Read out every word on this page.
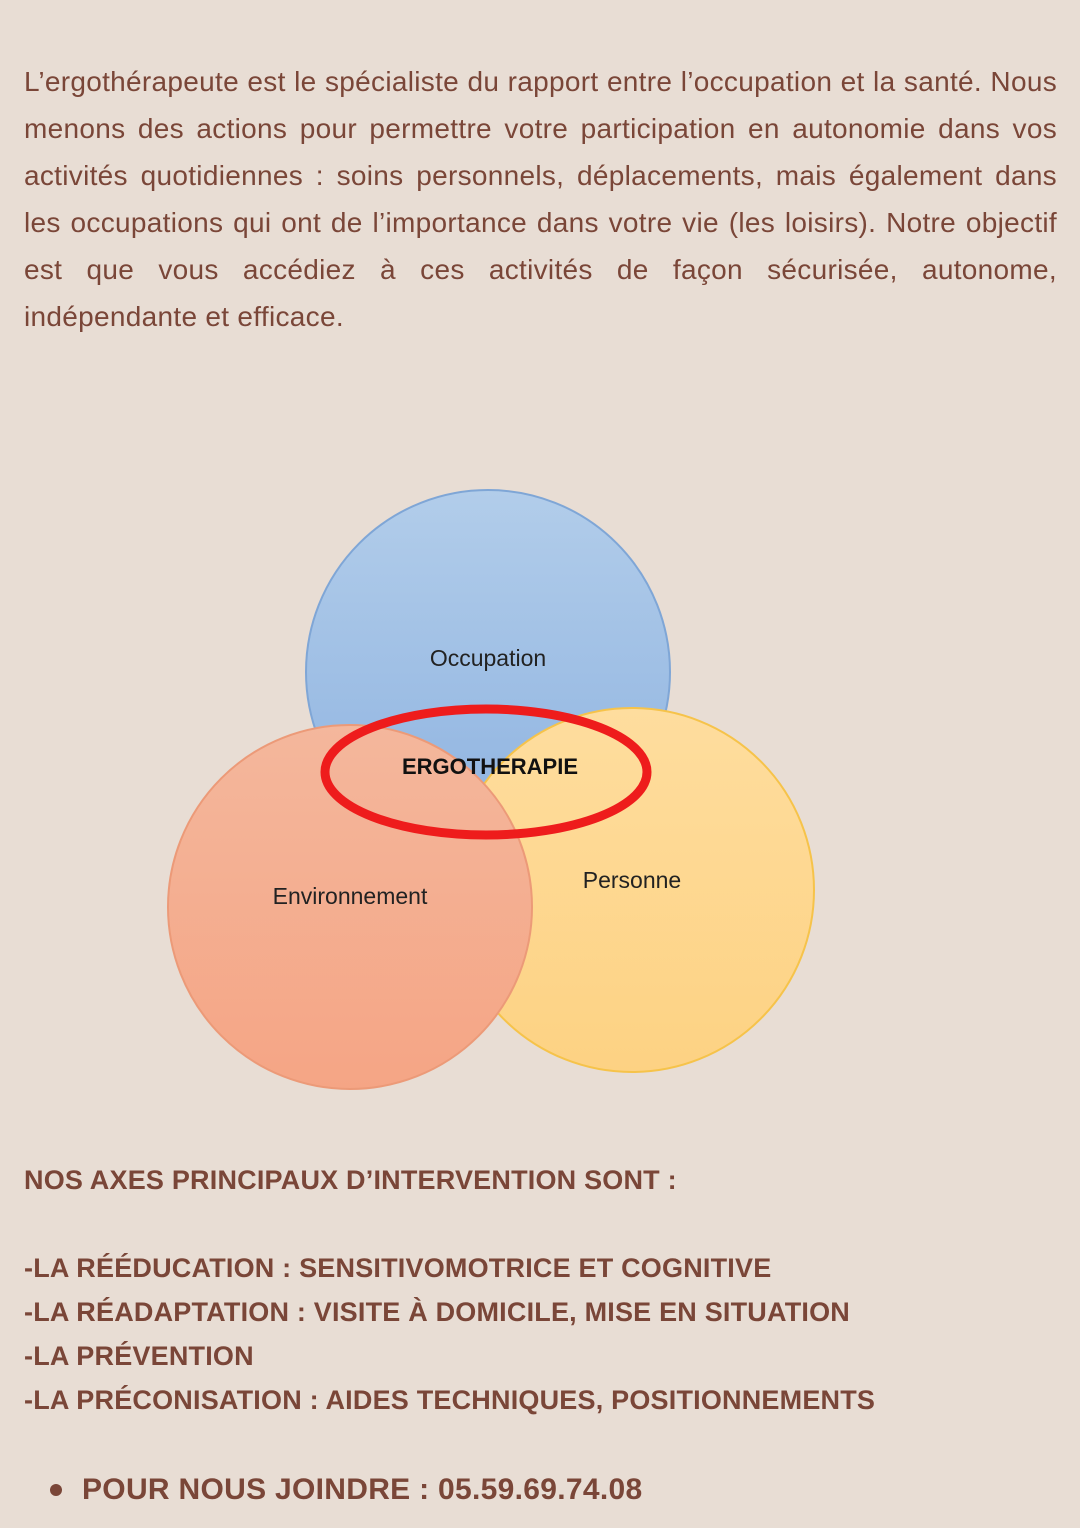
L’ergothérapeute est le spécialiste du rapport entre l’occupation et la santé. Nous menons des actions pour permettre votre participation en autonomie dans vos activités quotidiennes : soins personnels, déplacements, mais également dans les occupations qui ont de l’importance dans votre vie (les loisirs). Notre objectif est que vous accédiez à ces activités de façon sécurisée, autonome, indépendante et efficace.

Occupation
ERGOTHERAPIE
Personne
Environnement

NOS AXES PRINCIPAUX D’INTERVENTION SONT :

-LA RÉÉDUCATION : SENSITIVOMOTRICE ET COGNITIVE

-LA RÉADAPTATION : VISITE À DOMICILE, MISE EN SITUATION

-LA PRÉVENTION

-LA PRÉCONISATION : AIDES TECHNIQUES, POSITIONNEMENTS

POUR NOUS JOINDRE : 05.59.69.74.08
